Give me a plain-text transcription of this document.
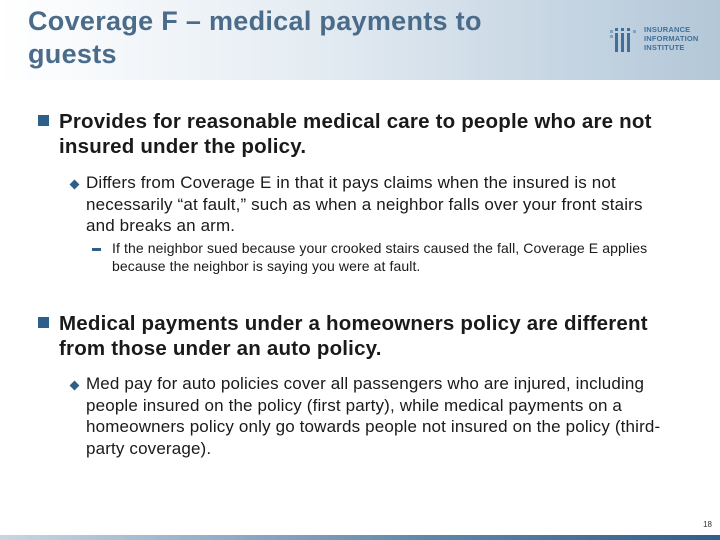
Coverage F – medical payments to guests
INSURANCE
INFORMATION
INSTITUTE
Provides for reasonable medical care to people who are not insured under the policy.
Differs from Coverage E in that it pays claims when the insured is not necessarily “at fault,” such as when a neighbor falls over your front stairs and breaks an arm.
If the neighbor sued because your crooked stairs caused the fall, Coverage E applies because the neighbor is saying you were at fault.
Medical payments under a homeowners policy are different from those under an auto policy.
Med pay for auto policies cover all passengers who are injured, including people insured on the policy (first party), while medical payments on a homeowners policy only go towards people not insured on the policy (third-party coverage).
18
